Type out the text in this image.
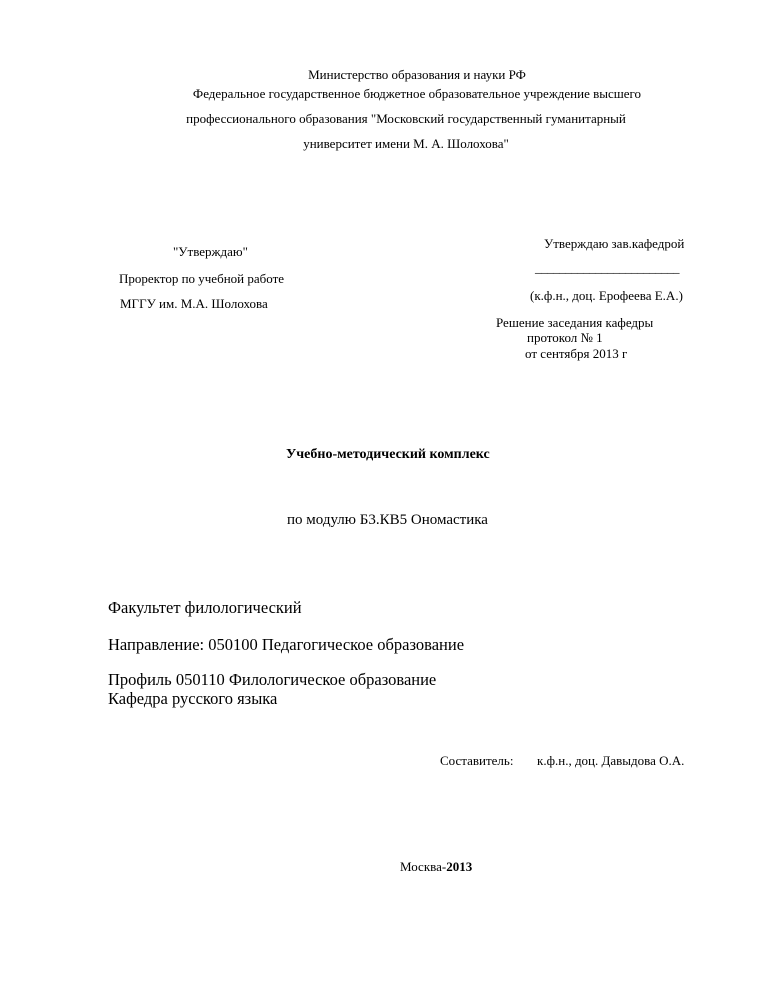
Министерство образования и науки РФ
Федеральное государственное бюджетное образовательное учреждение высшего
профессионального образования "Московский государственный гуманитарный
университет имени М. А. Шолохова"
"Утверждаю"
Проректор по учебной работе
МГГУ им. М.А. Шолохова
Утверждаю зав.кафедрой
________________________
(к.ф.н., доц. Ерофеева Е.А.)
Решение заседания кафедры
протокол № 1
от сентября 2013 г
Учебно-методический комплекс
по модулю Б3.КВ5 Ономастика
Факультет филологический
Направление: 050100 Педагогическое образование
Профиль 050110 Филологическое образование
Кафедра русского языка
Составитель: к.ф.н., доц. Давыдова О.А.
Москва-2013
